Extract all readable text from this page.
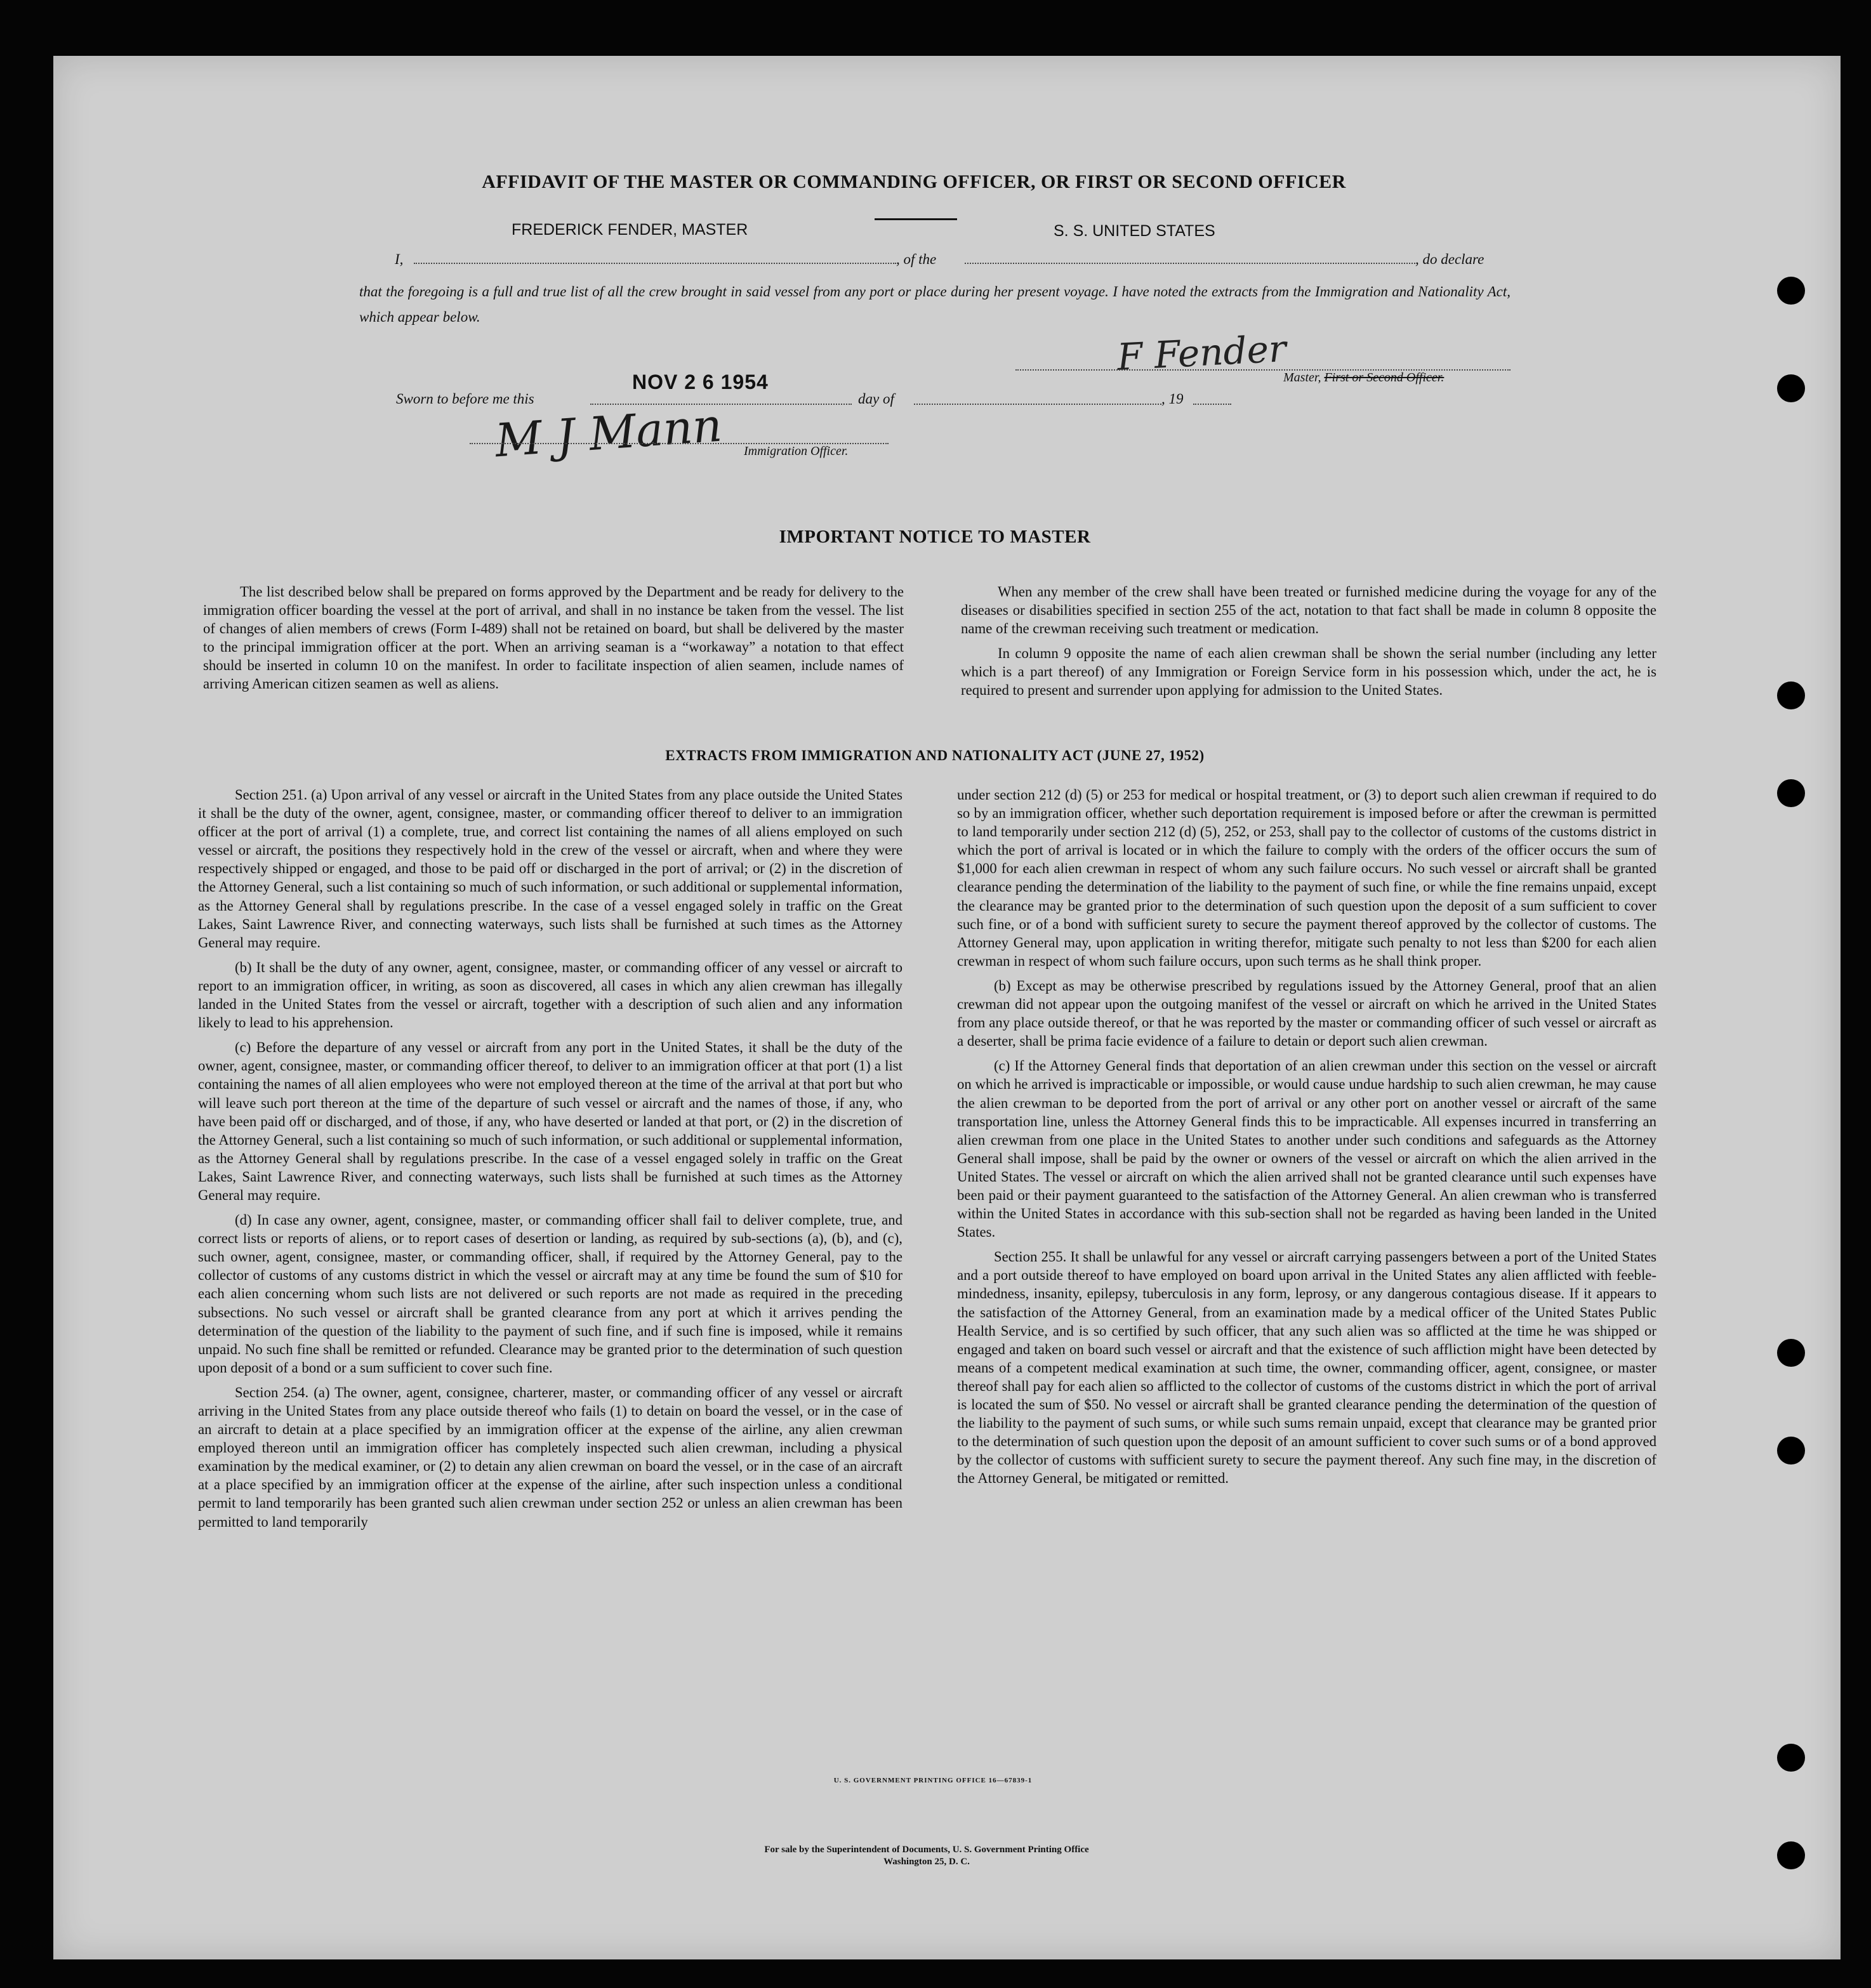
AFFIDAVIT OF THE MASTER OR COMMANDING OFFICER, OR FIRST OR SECOND OFFICER
FREDERICK FENDER, MASTER	S. S. UNITED STATES
I,	, of the	, do declare
that the foregoing is a full and true list of all the crew brought in said vessel from any port or place during her present voyage. I have noted the extracts from the Immigration and Nationality Act, which appear below.
F Fender
Master, First or Second Officer.
NOV 2 6 1954
Sworn to before me this	day of	, 19
M J Mann Immigration Officer.
IMPORTANT NOTICE TO MASTER

The list described below shall be prepared on forms approved by the Department and be ready for delivery to the immigration officer boarding the vessel at the port of arrival, and shall in no instance be taken from the vessel. The list of changes of alien members of crews (Form I-489) shall not be retained on board, but shall be delivered by the master to the principal immigration officer at the port. When an arriving seaman is a “workaway” a notation to that effect should be inserted in column 10 on the manifest. In order to facilitate inspection of alien seamen, include names of arriving American citizen seamen as well as aliens.

When any member of the crew shall have been treated or furnished medicine during the voyage for any of the diseases or disabilities specified in section 255 of the act, notation to that fact shall be made in column 8 opposite the name of the crewman receiving such treatment or medication.

In column 9 opposite the name of each alien crewman shall be shown the serial number (including any letter which is a part thereof) of any Immigration or Foreign Service form in his possession which, under the act, he is required to present and surrender upon applying for admission to the United States.

EXTRACTS FROM IMMIGRATION AND NATIONALITY ACT (JUNE 27, 1952)

Section 251. (a) Upon arrival of any vessel or aircraft in the United States from any place outside the United States it shall be the duty of the owner, agent, consignee, master, or commanding officer thereof to deliver to an immigration officer at the port of arrival (1) a complete, true, and correct list containing the names of all aliens employed on such vessel or aircraft, the positions they respectively hold in the crew of the vessel or aircraft, when and where they were respectively shipped or engaged, and those to be paid off or discharged in the port of arrival; or (2) in the discretion of the Attorney General, such a list containing so much of such information, or such additional or supplemental information, as the Attorney General shall by regulations prescribe. In the case of a vessel engaged solely in traffic on the Great Lakes, Saint Lawrence River, and connecting waterways, such lists shall be furnished at such times as the Attorney General may require.

(b) It shall be the duty of any owner, agent, consignee, master, or commanding officer of any vessel or aircraft to report to an immigration officer, in writing, as soon as discovered, all cases in which any alien crewman has illegally landed in the United States from the vessel or aircraft, together with a description of such alien and any information likely to lead to his apprehension.

(c) Before the departure of any vessel or aircraft from any port in the United States, it shall be the duty of the owner, agent, consignee, master, or commanding officer thereof, to deliver to an immigration officer at that port (1) a list containing the names of all alien employees who were not employed thereon at the time of the arrival at that port but who will leave such port thereon at the time of the departure of such vessel or aircraft and the names of those, if any, who have been paid off or discharged, and of those, if any, who have deserted or landed at that port, or (2) in the discretion of the Attorney General, such a list containing so much of such information, or such additional or supplemental information, as the Attorney General shall by regulations prescribe. In the case of a vessel engaged solely in traffic on the Great Lakes, Saint Lawrence River, and connecting waterways, such lists shall be furnished at such times as the Attorney General may require.

(d) In case any owner, agent, consignee, master, or commanding officer shall fail to deliver complete, true, and correct lists or reports of aliens, or to report cases of desertion or landing, as required by sub-sections (a), (b), and (c), such owner, agent, consignee, master, or commanding officer, shall, if required by the Attorney General, pay to the collector of customs of any customs district in which the vessel or aircraft may at any time be found the sum of $10 for each alien concerning whom such lists are not delivered or such reports are not made as required in the preceding subsections. No such vessel or aircraft shall be granted clearance from any port at which it arrives pending the determination of the question of the liability to the payment of such fine, and if such fine is imposed, while it remains unpaid. No such fine shall be remitted or refunded. Clearance may be granted prior to the determination of such question upon deposit of a bond or a sum sufficient to cover such fine.

Section 254. (a) The owner, agent, consignee, charterer, master, or commanding officer of any vessel or aircraft arriving in the United States from any place outside thereof who fails (1) to detain on board the vessel, or in the case of an aircraft to detain at a place specified by an immigration officer at the expense of the airline, any alien crewman employed thereon until an immigration officer has completely inspected such alien crewman, including a physical examination by the medical examiner, or (2) to detain any alien crewman on board the vessel, or in the case of an aircraft at a place specified by an immigration officer at the expense of the airline, after such inspection unless a conditional permit to land temporarily has been granted such alien crewman under section 252 or unless an alien crewman has been permitted to land temporarily

under section 212 (d) (5) or 253 for medical or hospital treatment, or (3) to deport such alien crewman if required to do so by an immigration officer, whether such deportation requirement is imposed before or after the crewman is permitted to land temporarily under section 212 (d) (5), 252, or 253, shall pay to the collector of customs of the customs district in which the port of arrival is located or in which the failure to comply with the orders of the officer occurs the sum of $1,000 for each alien crewman in respect of whom any such failure occurs. No such vessel or aircraft shall be granted clearance pending the determination of the liability to the payment of such fine, or while the fine remains unpaid, except the clearance may be granted prior to the determination of such question upon the deposit of a sum sufficient to cover such fine, or of a bond with sufficient surety to secure the payment thereof approved by the collector of customs. The Attorney General may, upon application in writing therefor, mitigate such penalty to not less than $200 for each alien crewman in respect of whom such failure occurs, upon such terms as he shall think proper.

(b) Except as may be otherwise prescribed by regulations issued by the Attorney General, proof that an alien crewman did not appear upon the outgoing manifest of the vessel or aircraft on which he arrived in the United States from any place outside thereof, or that he was reported by the master or commanding officer of such vessel or aircraft as a deserter, shall be prima facie evidence of a failure to detain or deport such alien crewman.

(c) If the Attorney General finds that deportation of an alien crewman under this section on the vessel or aircraft on which he arrived is impracticable or impossible, or would cause undue hardship to such alien crewman, he may cause the alien crewman to be deported from the port of arrival or any other port on another vessel or aircraft of the same transportation line, unless the Attorney General finds this to be impracticable. All expenses incurred in transferring an alien crewman from one place in the United States to another under such conditions and safeguards as the Attorney General shall impose, shall be paid by the owner or owners of the vessel or aircraft on which the alien arrived in the United States. The vessel or aircraft on which the alien arrived shall not be granted clearance until such expenses have been paid or their payment guaranteed to the satisfaction of the Attorney General. An alien crewman who is transferred within the United States in accordance with this sub-section shall not be regarded as having been landed in the United States.

Section 255. It shall be unlawful for any vessel or aircraft carrying passengers between a port of the United States and a port outside thereof to have employed on board upon arrival in the United States any alien afflicted with feeble-mindedness, insanity, epilepsy, tuberculosis in any form, leprosy, or any dangerous contagious disease. If it appears to the satisfaction of the Attorney General, from an examination made by a medical officer of the United States Public Health Service, and is so certified by such officer, that any such alien was so afflicted at the time he was shipped or engaged and taken on board such vessel or aircraft and that the existence of such affliction might have been detected by means of a competent medical examination at such time, the owner, commanding officer, agent, consignee, or master thereof shall pay for each alien so afflicted to the collector of customs of the customs district in which the port of arrival is located the sum of $50. No vessel or aircraft shall be granted clearance pending the determination of the question of the liability to the payment of such sums, or while such sums remain unpaid, except that clearance may be granted prior to the determination of such question upon the deposit of an amount sufficient to cover such sums or of a bond approved by the collector of customs with sufficient surety to secure the payment thereof. Any such fine may, in the discretion of the Attorney General, be mitigated or remitted.

U. S. GOVERNMENT PRINTING OFFICE 16—67839-1
For sale by the Superintendent of Documents, U. S. Government Printing Office
Washington 25, D. C.
